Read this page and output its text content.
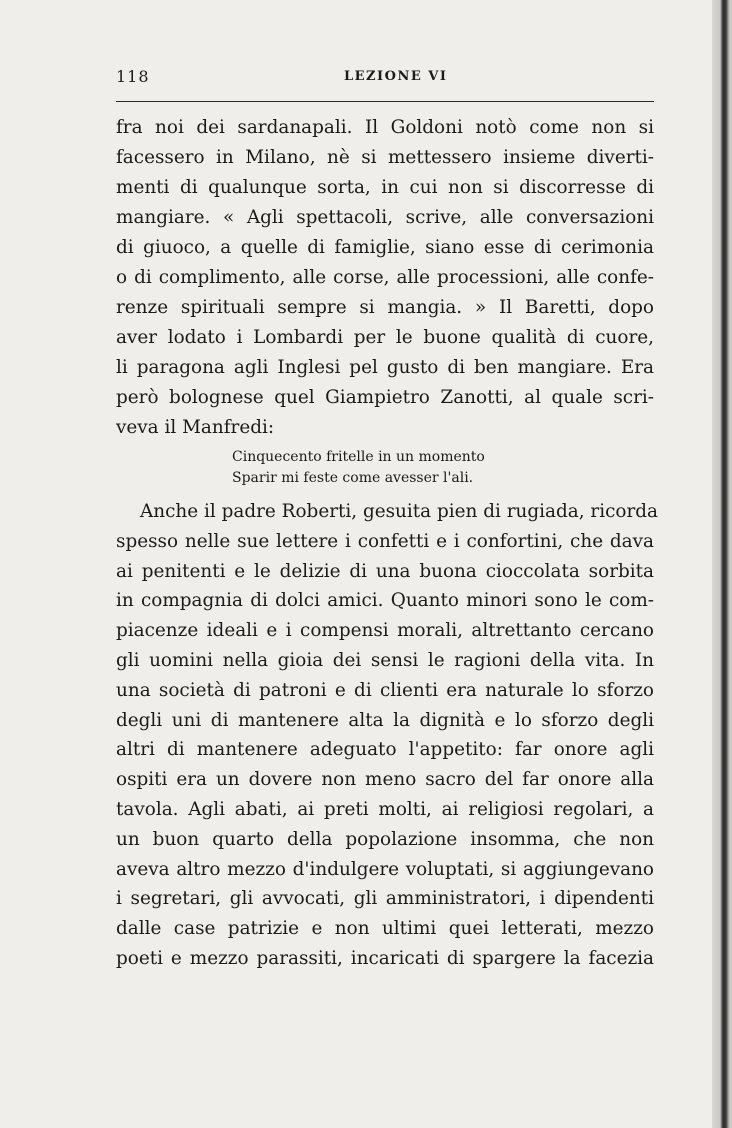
118	LEZIONE VI
fra noi dei sardanapali. Il Goldoni notò come non si
facessero in Milano, nè si mettessero insieme diverti-
menti di qualunque sorta, in cui non si discorresse di
mangiare. « Agli spettacoli, scrive, alle conversazioni
di giuoco, a quelle di famiglie, siano esse di cerimonia
o di complimento, alle corse, alle processioni, alle confe-
renze spirituali sempre si mangia. » Il Baretti, dopo
aver lodato i Lombardi per le buone qualità di cuore,
li paragona agli Inglesi pel gusto di ben mangiare. Era
però bolognese quel Giampietro Zanotti, al quale scri-
veva il Manfredi:
Cinquecento fritelle in un momento
Sparir mi feste come avesser l'ali.
Anche il padre Roberti, gesuita pien di rugiada, ricorda
spesso nelle sue lettere i confetti e i confortini, che dava
ai penitenti e le delizie di una buona cioccolata sorbita
in compagnia di dolci amici. Quanto minori sono le com-
piacenze ideali e i compensi morali, altrettanto cercano
gli uomini nella gioia dei sensi le ragioni della vita. In
una società di patroni e di clienti era naturale lo sforzo
degli uni di mantenere alta la dignità e lo sforzo degli
altri di mantenere adeguato l'appetito: far onore agli
ospiti era un dovere non meno sacro del far onore alla
tavola. Agli abati, ai preti molti, ai religiosi regolari, a
un buon quarto della popolazione insomma, che non
aveva altro mezzo d'indulgere voluptati, si aggiungevano
i segretari, gli avvocati, gli amministratori, i dipendenti
dalle case patrizie e non ultimi quei letterati, mezzo
poeti e mezzo parassiti, incaricati di spargere la facezia
